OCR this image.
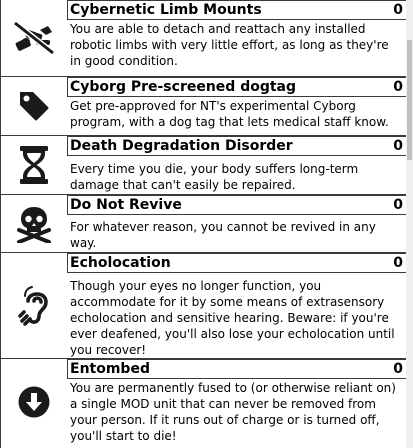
Cybernetic Limb Mounts	0
You are able to detach and reattach any installed robotic limbs with very little effort, as long as they're in good condition.
Cyborg Pre-screened dogtag	0
Get pre-approved for NT's experimental Cyborg program, with a dog tag that lets medical staff know.
Death Degradation Disorder	0
Every time you die, your body suffers long-term damage that can't easily be repaired.
Do Not Revive	0
For whatever reason, you cannot be revived in any way.
Echolocation	0
Though your eyes no longer function, you accommodate for it by some means of extrasensory echolocation and sensitive hearing. Beware: if you're ever deafened, you'll also lose your echolocation until you recover!
Entombed	0
You are permanently fused to (or otherwise reliant on) a single MOD unit that can never be removed from your person. If it runs out of charge or is turned off, you'll start to die!
